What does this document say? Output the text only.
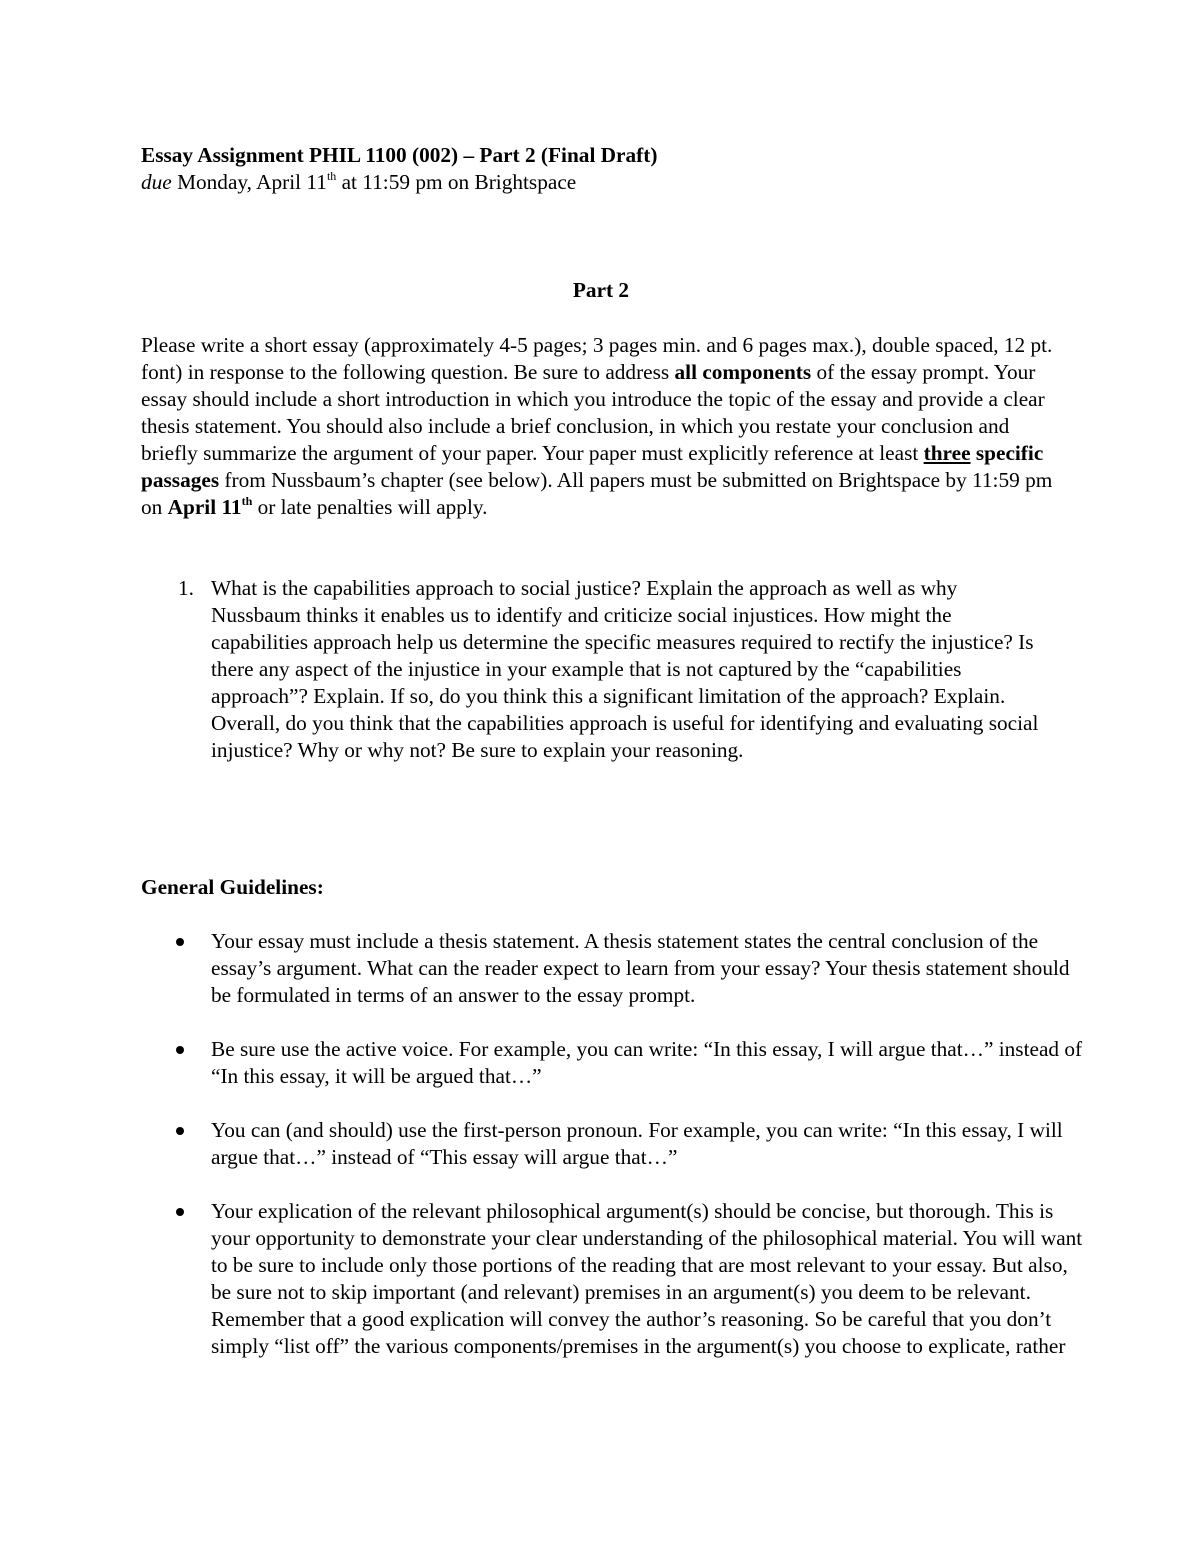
Essay Assignment PHIL 1100 (002) – Part 2 (Final Draft)

due Monday, April 11th at 11:59 pm on Brightspace

Part 2

Please write a short essay (approximately 4-5 pages; 3 pages min. and 6 pages max.), double spaced, 12 pt. font) in response to the following question. Be sure to address all components of the essay prompt. Your essay should include a short introduction in which you introduce the topic of the essay and provide a clear thesis statement. You should also include a brief conclusion, in which you restate your conclusion and briefly summarize the argument of your paper. Your paper must explicitly reference at least three specific passages from Nussbaum’s chapter (see below). All papers must be submitted on Brightspace by 11:59 pm on April 11th or late penalties will apply.

1. What is the capabilities approach to social justice? Explain the approach as well as why Nussbaum thinks it enables us to identify and criticize social injustices. How might the capabilities approach help us determine the specific measures required to rectify the injustice? Is there any aspect of the injustice in your example that is not captured by the “capabilities approach”? Explain. If so, do you think this a significant limitation of the approach? Explain. Overall, do you think that the capabilities approach is useful for identifying and evaluating social injustice? Why or why not? Be sure to explain your reasoning.

General Guidelines:

Your essay must include a thesis statement. A thesis statement states the central conclusion of the essay’s argument. What can the reader expect to learn from your essay? Your thesis statement should be formulated in terms of an answer to the essay prompt.
Be sure use the active voice. For example, you can write: “In this essay, I will argue that…” instead of “In this essay, it will be argued that…”
You can (and should) use the first-person pronoun. For example, you can write: “In this essay, I will argue that…” instead of “This essay will argue that…”
Your explication of the relevant philosophical argument(s) should be concise, but thorough. This is your opportunity to demonstrate your clear understanding of the philosophical material. You will want to be sure to include only those portions of the reading that are most relevant to your essay. But also, be sure not to skip important (and relevant) premises in an argument(s) you deem to be relevant. Remember that a good explication will convey the author’s reasoning. So be careful that you don’t simply “list off” the various components/premises in the argument(s) you choose to explicate, rather
